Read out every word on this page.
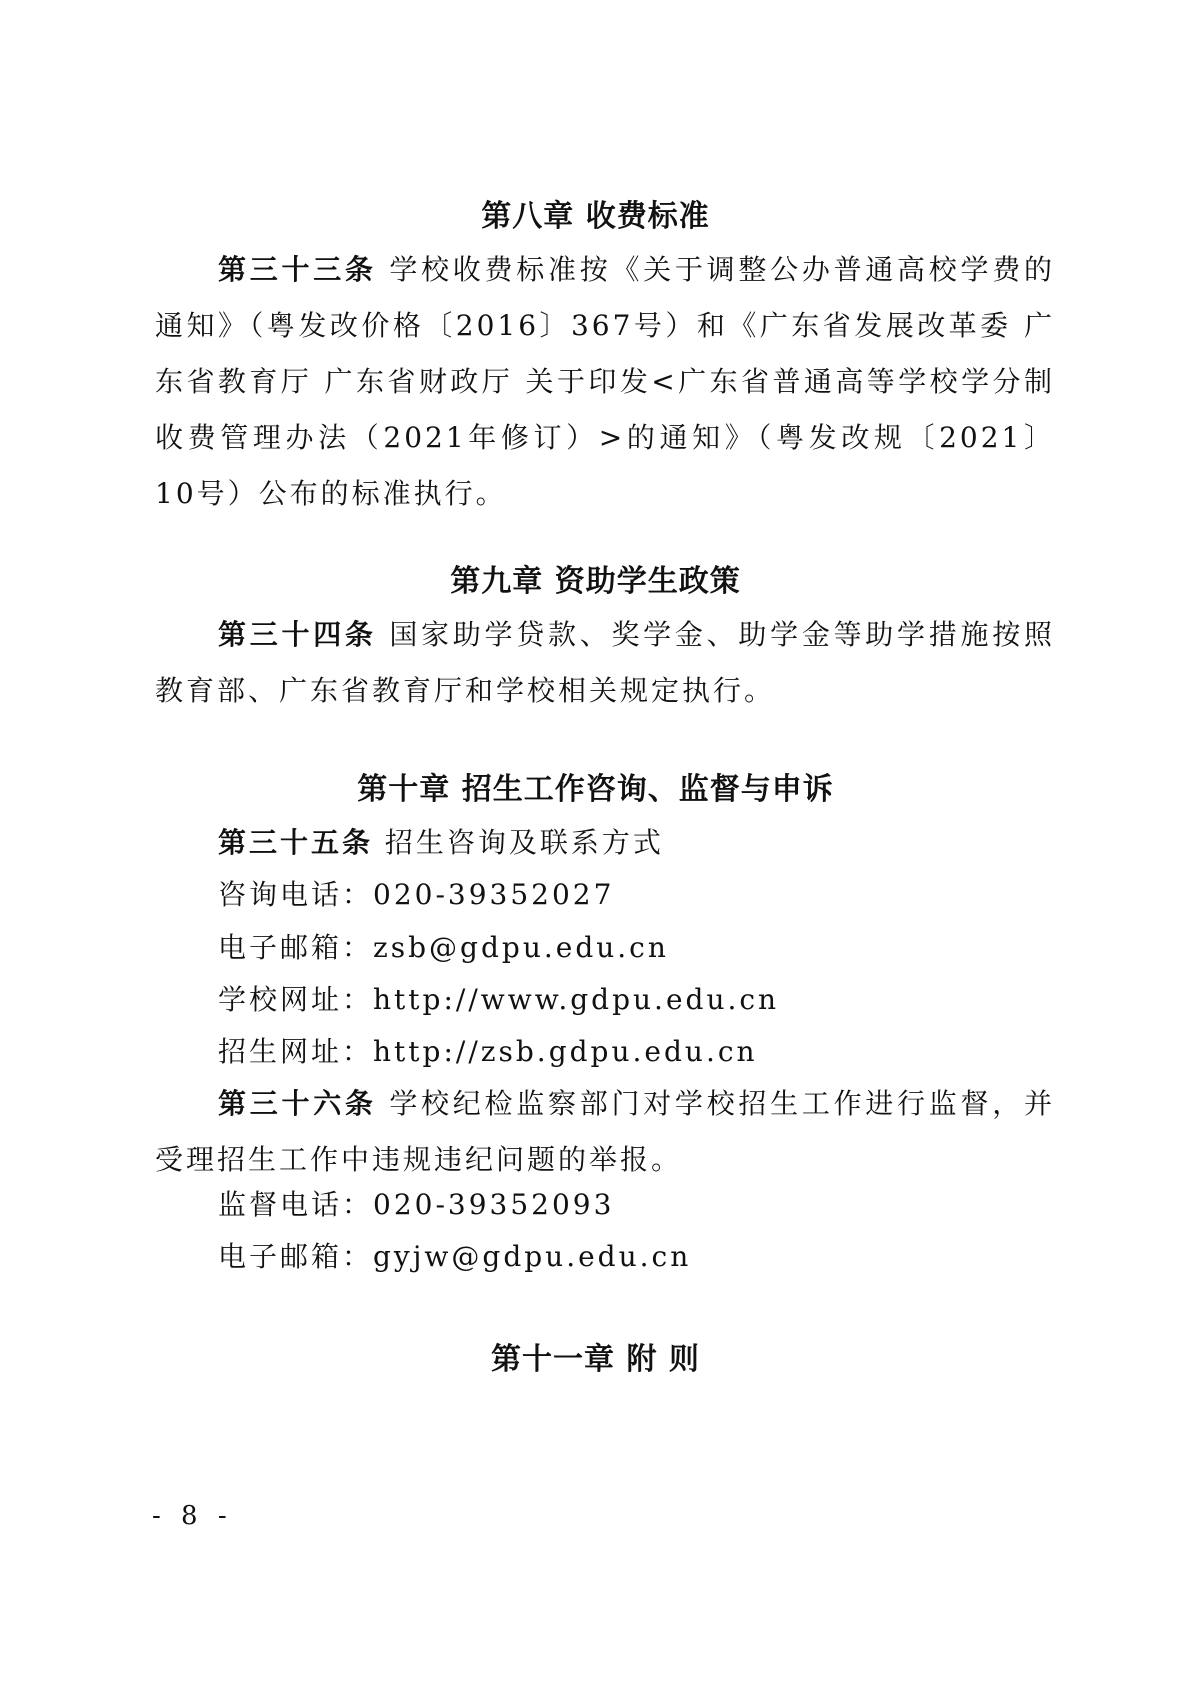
第八章 收费标准

第三十三条 学校收费标准按《关于调整公办普通高校学费的通知》（粤发改价格〔2016〕367号）和《广东省发展改革委 广东省教育厅 广东省财政厅 关于印发<广东省普通高等学校学分制收费管理办法（2021年修订）>的通知》（粤发改规〔2021〕10号）公布的标准执行。

第九章 资助学生政策

第三十四条 国家助学贷款、奖学金、助学金等助学措施按照教育部、广东省教育厅和学校相关规定执行。

第十章 招生工作咨询、监督与申诉
第三十五条 招生咨询及联系方式
咨询电话：020-39352027
电子邮箱：zsb@gdpu.edu.cn
学校网址：http://www.gdpu.edu.cn
招生网址：http://zsb.gdpu.edu.cn

第三十六条 学校纪检监察部门对学校招生工作进行监督，并受理招生工作中违规违纪问题的举报。

监督电话：020-39352093
电子邮箱：gyjw@gdpu.edu.cn
第十一章 附 则
- 8 -
